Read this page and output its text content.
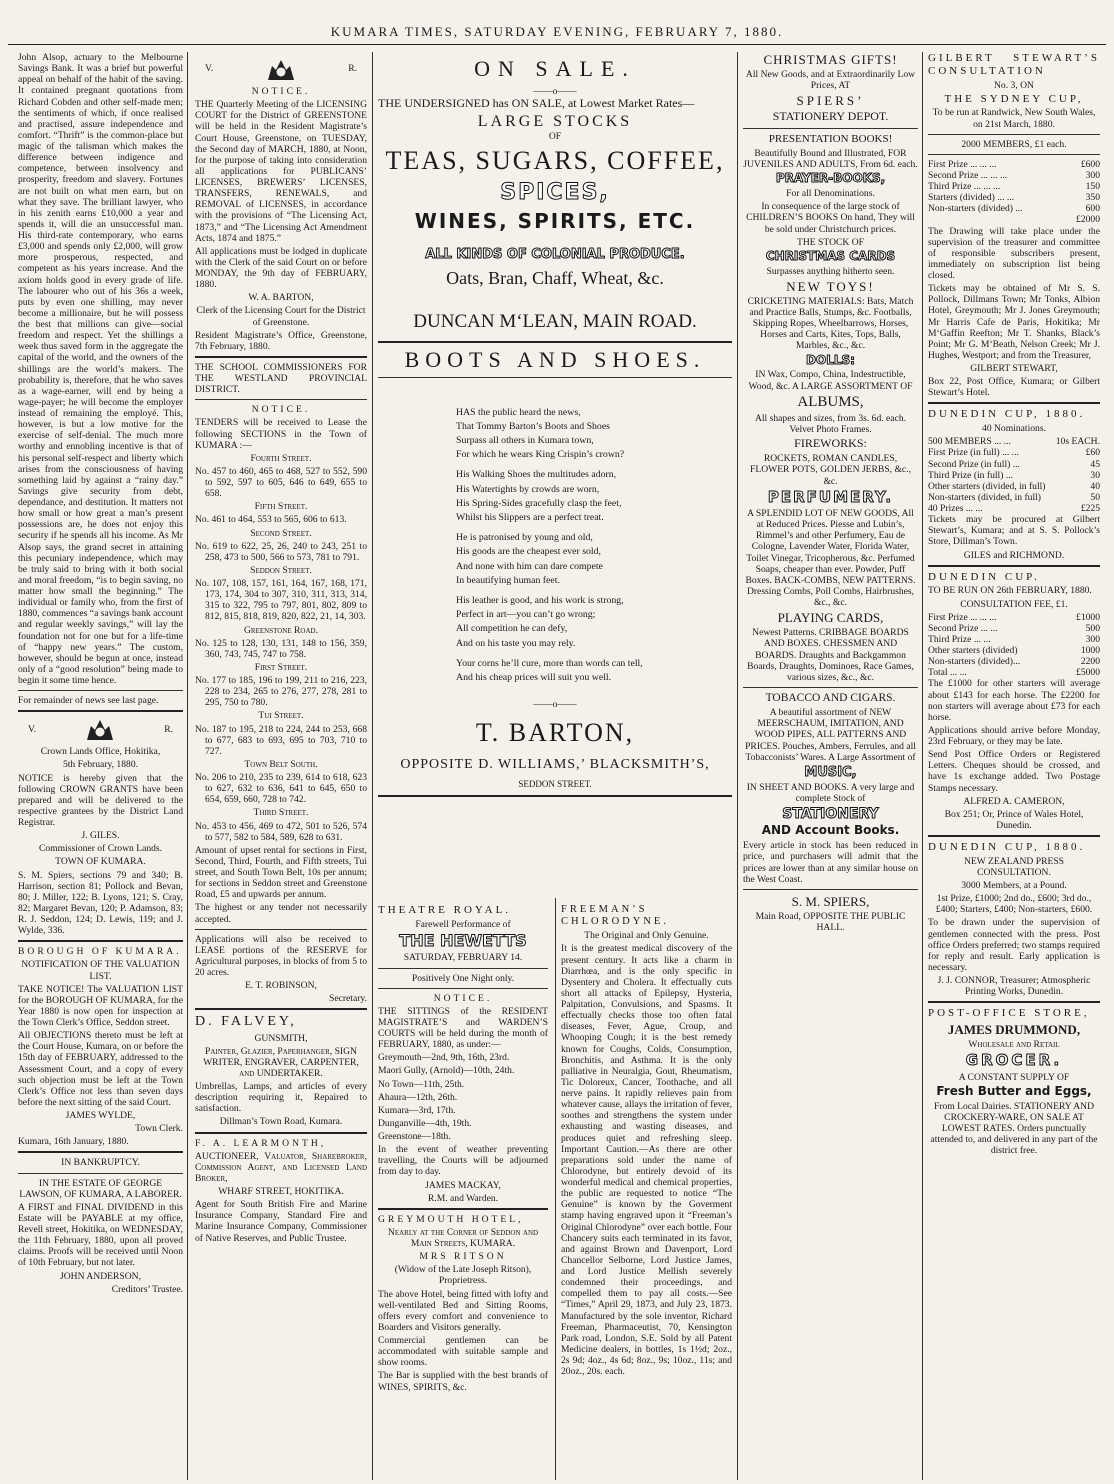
KUMARA TIMES, SATURDAY EVENING, FEBRUARY 7, 1880.

John Alsop, actuary to the Melbourne Savings Bank. It was a brief but powerful appeal on behalf of the habit of the saving. It contained pregnant quotations from Richard Cobden and other self-made men; the sentiments of which, if once realised and practised, assure independence and comfort. “Thrift” is the common-place but magic of the talisman which makes the difference between indigence and competence, between insolvency and prosperity, freedom and slavery. Fortunes are not built on what men earn, but on what they save. The brilliant lawyer, who in his zenith earns £10,000 a year and spends it, will die an unsuccessful man. His third-rate contemporary, who earns £3,000 and spends only £2,000, will grow more prosperous, respected, and competent as his years increase. And the axiom holds good in every grade of life. The labourer who out of his 36s a week, puts by even one shilling, may never become a millionaire, but he will possess the best that millions can give—social freedom and respect. Yet the shillings a week thus saved form in the aggregate the capital of the world, and the owners of the shillings are the world’s makers. The probability is, therefore, that he who saves as a wage-earner, will end by being a wage-payer; he will become the employer instead of remaining the employé. This, however, is but a low motive for the exercise of self-denial. The much more worthy and ennobling incentive is that of his personal self-respect and liberty which arises from the consciousness of having something laid by against a “rainy day.” Savings give security from debt, dependance, and destitution. It matters not how small or how great a man’s present possessions are, he does not enjoy this security if he spends all his income. As Mr Alsop says, the grand secret in attaining this pecuniary independence, which may be truly said to bring with it both social and moral freedom, “is to begin saving, no matter how small the beginning.” The individual or family who, from the first of 1880, commences “a savings bank account and regular weekly savings,” will lay the foundation not for one but for a life-time of “happy new years.” The custom, however, should be begun at once, instead only of a “good resolution” being made to begin it some time hence.

For remainder of news see last page.

V.	R.

Crown Lands Office, Hokitika,

5th February, 1880.

NOTICE is hereby given that the following CROWN GRANTS have been prepared and will be delivered to the respective grantees by the District Land Registrar.

J. GILES.

Commissioner of Crown Lands.

TOWN OF KUMARA.

S. M. Spiers, sections 79 and 340; B. Harrison, section 81; Pollock and Bevan, 80; J. Miller, 122; B. Lyons, 121; S. Cray, 82; Margaret Bevan, 120; P. Adamson, 83; R. J. Seddon, 124; D. Lewis, 119; and J. Wylde, 336.

BOROUGH OF KUMARA.

NOTIFICATION OF THE VALUATION LIST.

TAKE NOTICE! The VALUATION LIST for the BOROUGH OF KUMARA, for the Year 1880 is now open for inspection at the Town Clerk’s Office, Seddon street.

All OBJECTIONS thereto must be left at the Court House, Kumara, on or before the 15th day of FEBRUARY, addressed to the Assessment Court, and a copy of every such objection must be left at the Town Clerk’s Office not less than seven days before the next sitting of the said Court.

JAMES WYLDE,

Town Clerk.

Kumara, 16th January, 1880.

IN BANKRUPTCY.

IN THE ESTATE OF GEORGE LAWSON, OF KUMARA, A LABORER.

A FIRST and FINAL DIVIDEND in this Estate will be PAYABLE at my office, Revell street, Hokitika, on WEDNESDAY, the 11th February, 1880, upon all proved claims. Proofs will be received until Noon of 10th February, but not later.

JOHN ANDERSON,

Creditors’ Trustee.

V.	R.

NOTICE.

THE Quarterly Meeting of the LICENSING COURT for the District of GREENSTONE will be held in the Resident Magistrate’s Court House, Greenstone, on TUESDAY, the Second day of MARCH, 1880, at Noon, for the purpose of taking into consideration all applications for PUBLICANS’ LICENSES, BREWERS’ LICENSES, TRANSFERS, RENEWALS, and REMOVAL of LICENSES, in accordance with the provisions of “The Licensing Act, 1873,” and “The Licensing Act Amendment Acts, 1874 and 1875.”

All applications must be lodged in duplicate with the Clerk of the said Court on or before MONDAY, the 9th day of FEBRUARY, 1880.

W. A. BARTON,

Clerk of the Licensing Court for the District of Greenstone.

Resident Magistrate’s Office, Greenstone, 7th February, 1880.

THE SCHOOL COMMISSIONERS FOR THE WESTLAND PROVINCIAL DISTRICT.

NOTICE.

TENDERS will be received to Lease the following SECTIONS in the Town of KUMARA :—

Fourth Street.

No. 457 to 460, 465 to 468, 527 to 552, 590 to 592, 597 to 605, 646 to 649, 655 to 658.

Fifth Street.

No. 461 to 464, 553 to 565, 606 to 613.

Second Street.

No. 619 to 622, 25, 26, 240 to 243, 251 to 258, 473 to 500, 566 to 573, 781 to 791.

Seddon Street.

No. 107, 108, 157, 161, 164, 167, 168, 171, 173, 174, 304 to 307, 310, 311, 313, 314, 315 to 322, 795 to 797, 801, 802, 809 to 812, 815, 818, 819, 820, 822, 21, 14, 303.

Greenstone Road.

No. 125 to 128, 130, 131, 148 to 156, 359, 360, 743, 745, 747 to 758.

First Street.

No. 177 to 185, 196 to 199, 211 to 216, 223, 228 to 234, 265 to 276, 277, 278, 281 to 295, 750 to 780.

Tui Street.

No. 187 to 195, 218 to 224, 244 to 253, 668 to 677, 683 to 693, 695 to 703, 710 to 727.

Town Belt South.

No. 206 to 210, 235 to 239, 614 to 618, 623 to 627, 632 to 636, 641 to 645, 650 to 654, 659, 660, 728 to 742.

Third Street.

No. 453 to 456, 469 to 472, 501 to 526, 574 to 577, 582 to 584, 589, 628 to 631.

Amount of upset rental for sections in First, Second, Third, Fourth, and Fifth streets, Tui street, and South Town Belt, 10s per annum; for sections in Seddon street and Greenstone Road, £5 and upwards per annum.

The highest or any tender not necessarily accepted.

Applications will also be received to LEASE portions of the RESERVE for Agricultural purposes, in blocks of from 5 to 20 acres.

E. T. ROBINSON,

Secretary.

D. FALVEY,

GUNSMITH,

Painter, Glazier, Paperhanger, SIGN WRITER, ENGRAVER, CARPENTER, and UNDERTAKER.

Umbrellas, Lamps, and articles of every description requiring it, Repaired to satisfaction.

Dillman’s Town Road, Kumara.

F. A. LEARMONTH,

AUCTIONEER, Valuator, Sharebroker, Commission Agent, and Licensed Land Broker,

WHARF STREET, HOKITIKA.

Agent for South British Fire and Marine Insurance Company, Standard Fire and Marine Insurance Company, Commissioner of Native Reserves, and Public Trustee.

ON SALE.
——o——

THE UNDERSIGNED has ON SALE, at Lowest Market Rates—

LARGE STOCKS
OF
TEAS, SUGARS, COFFEE,
SPICES,
WINES, SPIRITS, ETC.
ALL KINDS OF COLONIAL PRODUCE.
Oats, Bran, Chaff, Wheat, &c.
DUNCAN M‘LEAN, MAIN ROAD.
BOOTS AND SHOES.

HAS the public heard the news,

That Tommy Barton’s Boots and Shoes

Surpass all others in Kumara town,

For which he wears King Crispin’s crown?

His Walking Shoes the multitudes adorn,

His Watertights by crowds are worn,

His Spring-Sides gracefully clasp the feet,

Whilst his Slippers are a perfect treat.

He is patronised by young and old,

His goods are the cheapest ever sold,

And none with him can dare compete

In beautifying human feet.

His leather is good, and his work is strong,

Perfect in art—you can’t go wrong;

All competition he can defy,

And on his taste you may rely.

Your corns he’ll cure, more than words can tell,

And his cheap prices will suit you well.

——o——
T. BARTON,
OPPOSITE D. WILLIAMS,’ BLACKSMITH’S,
SEDDON STREET.

THEATRE ROYAL.

Farewell Performance of

THE HEWETTS

SATURDAY, FEBRUARY 14.

Positively One Night only.

NOTICE.

THE SITTINGS of the RESIDENT MAGISTRATE’S and WARDEN’S COURTS will be held during the month of FEBRUARY, 1880, as under:—

Greymouth—2nd, 9th, 16th, 23rd.

Maori Gully, (Arnold)—10th, 24th.

No Town—11th, 25th.

Ahaura—12th, 26th.

Kumara—3rd, 17th.

Dunganville—4th, 19th.

Greenstone—18th.

In the event of weather preventing travelling, the Courts will be adjourned from day to day.

JAMES MACKAY,

R.M. and Warden.

GREYMOUTH HOTEL,

Nearly at the Corner of Seddon and Main Streets, KUMARA.

MRS RITSON

(Widow of the Late Joseph Ritson), Proprietress.

The above Hotel, being fitted with lofty and well-ventilated Bed and Sitting Rooms, offers every comfort and convenience to Boarders and Visitors generally.

Commercial gentlemen can be accommodated with suitable sample and show rooms.

The Bar is supplied with the best brands of WINES, SPIRITS, &c.

FREEMAN’S CHLORODYNE.

The Original and Only Genuine.

It is the greatest medical discovery of the present century. It acts like a charm in Diarrhœa, and is the only specific in Dysentery and Cholera. It effectually cuts short all attacks of Epilepsy, Hysteria, Palpitation, Convulsions, and Spasms. It effectually checks those too often fatal diseases, Fever, Ague, Croup, and Whooping Cough; it is the best remedy known for Coughs, Colds, Consumption, Bronchitis, and Asthma. It is the only palliative in Neuralgia, Gout, Rheumatism, Tic Doloreux, Cancer, Toothache, and all nerve pains. It rapidly relieves pain from whatever cause, allays the irritation of fever, soothes and strengthens the system under exhausting and wasting diseases, and produces quiet and refreshing sleep. Important Caution.—As there are other preparations sold under the name of Chlorodyne, but entirely devoid of its wonderful medical and chemical properties, the public are requested to notice “The Genuine” is known by the Goverment stamp having engraved upon it “Freeman’s Original Chlorodyne” over each bottle. Four Chancery suits each terminated in its favor, and against Brown and Davenport, Lord Chancellor Selborne, Lord Justice James, and Lord Justice Mellish severely condemned their proceedings, and compelled them to pay all costs.—See “Times,” April 29, 1873, and July 23, 1873. Manufactured by the sole inventor, Richard Freeman, Pharmaceutist, 70, Kensington Park road, London, S.E. Sold by all Patent Medicine dealers, in bottles, 1s 1½d; 2oz., 2s 9d; 4oz., 4s 6d; 8oz., 9s; 10oz., 11s; and 20oz., 20s. each.

CHRISTMAS GIFTS!

All New Goods, and at Extraordinarily Low Prices, AT

SPIERS’

STATIONERY DEPOT.

PRESENTATION BOOKS!

Beautifully Bound and Illustrated, FOR JUVENILES AND ADULTS, From 6d. each.

PRAYER-BOOKS,

For all Denominations.

In consequence of the large stock of CHILDREN’S BOOKS On hand, They will be sold under Christchurch prices.

THE STOCK OF

CHRISTMAS CARDS

Surpasses anything hitherto seen.

NEW TOYS!

CRICKETING MATERIALS: Bats, Match and Practice Balls, Stumps, &c. Footballs, Skipping Ropes, Wheelbarrows, Horses, Horses and Carts, Kites, Tops, Balls, Marbles, &c., &c.

DOLLS:

IN Wax, Compo, China, Indestructible, Wood, &c. A LARGE ASSORTMENT OF

ALBUMS,

All shapes and sizes, from 3s. 6d. each. Velvet Photo Frames.

FIREWORKS:

ROCKETS, ROMAN CANDLES, FLOWER POTS, GOLDEN JERBS, &c., &c.

PERFUMERY.

A SPLENDID LOT OF NEW GOODS, All at Reduced Prices. Piesse and Lubin’s, Rimmel’s and other Perfumery, Eau de Cologne, Lavender Water, Florida Water, Toilet Vinegar, Tricopherous, &c. Perfumed Soaps, cheaper than ever. Powder, Puff Boxes. BACK-COMBS, NEW PATTERNS. Dressing Combs, Poll Combs, Hairbrushes, &c., &c.

PLAYING CARDS,

Newest Patterns. CRIBBAGE BOARDS AND BOXES. CHESSMEN AND BOARDS. Draughts and Backgammon Boards, Draughts, Dominoes, Race Games, various sizes, &c., &c.

TOBACCO AND CIGARS.

A beautiful assortment of NEW MEERSCHAUM, IMITATION, AND WOOD PIPES, ALL PATTERNS AND PRICES. Pouches, Ambers, Ferrules, and all Tobacconists’ Wares. A Large Assortment of

MUSIC,

IN SHEET AND BOOKS. A very large and complete Stock of

STATIONERY

AND Account Books.

Every article in stock has been reduced in price, and purchasers will admit that the prices are lower than at any similar house on the West Coast.

S. M. SPIERS,

Main Road, OPPOSITE THE PUBLIC HALL.

GILBERT STEWART’S CONSULTATION

No. 3, ON

THE SYDNEY CUP,

To be run at Randwick, New South Wales, on 21st March, 1880.

2000 MEMBERS, £1 each.

First Prize ... ... ...	£600
Second Prize ... ... ...	300
Third Prize ... ... ...	150
Starters (divided) ... ...	350
Non-starters (divided) ...	600
£2000

The Drawing will take place under the supervision of the treasurer and committee of responsible subscribers present, immediately on subscription list being closed.

Tickets may be obtained of Mr S. S. Pollock, Dillmans Town; Mr Tonks, Albion Hotel, Greymouth; Mr J. Jones Greymouth; Mr Harris Cafe de Paris, Hokitika; Mr M‘Gaffin Reefton; Mr T. Shanks, Black’s Point; Mr G. M‘Beath, Nelson Creek; Mr J. Hughes, Westport; and from the Treasurer,

GILBERT STEWART,

Box 22, Post Office, Kumara; or Gilbert Stewart’s Hotel.

DUNEDIN CUP, 1880.

40 Nominations.

500 MEMBERS ... ...	10s EACH.
First Prize (in full) ... ...	£60
Second Prize (in full) ...	45
Third Prize (in full) ...	30
Other starters (divided, in full)	40
Non-starters (divided, in full)	50
40 Prizes ... ...	£225

Tickets may be procured at Gilbert Stewart’s, Kumara; and at S. S. Pollock’s Store, Dillman’s Town.

GILES and RICHMOND.

DUNEDIN CUP.

TO BE RUN ON 26th FEBRUARY, 1880.

CONSULTATION FEE, £1.

First Prize ... ... ...	£1000
Second Prize ... ...	500
Third Prize ... ...	300
Other starters (divided)	1000
Non-starters (divided)...	2200
Total ... ...	£5000

The £1000 for other starters will average about £143 for each horse. The £2200 for non starters will average about £73 for each horse.

Applications should arrive before Monday, 23rd February, or they may be late.

Send Post Office Orders or Registered Letters. Cheques should be crossed, and have 1s exchange added. Two Postage Stamps necessary.

ALFRED A. CAMERON,

Box 251; Or, Prince of Wales Hotel, Dunedin.

DUNEDIN CUP, 1880.

NEW ZEALAND PRESS CONSULTATION.

3000 Members, at a Pound.

1st Prize, £1000; 2nd do., £600; 3rd do., £400; Starters, £400; Non-starters, £600.

To be drawn under the supervision of gentlemen connected with the press. Post office Orders preferred; two stamps required for reply and result. Early application is necessary.

J. J. CONNOR, Treasurer; Atmospheric Printing Works, Dunedin.

POST-OFFICE STORE,

JAMES DRUMMOND,

Wholesale and Retail

GROCER.

A CONSTANT SUPPLY OF

Fresh Butter and Eggs,

From Local Dairies. STATIONERY AND CROCKERY-WARE, ON SALE AT LOWEST RATES. Orders punctually attended to, and delivered in any part of the district free.
